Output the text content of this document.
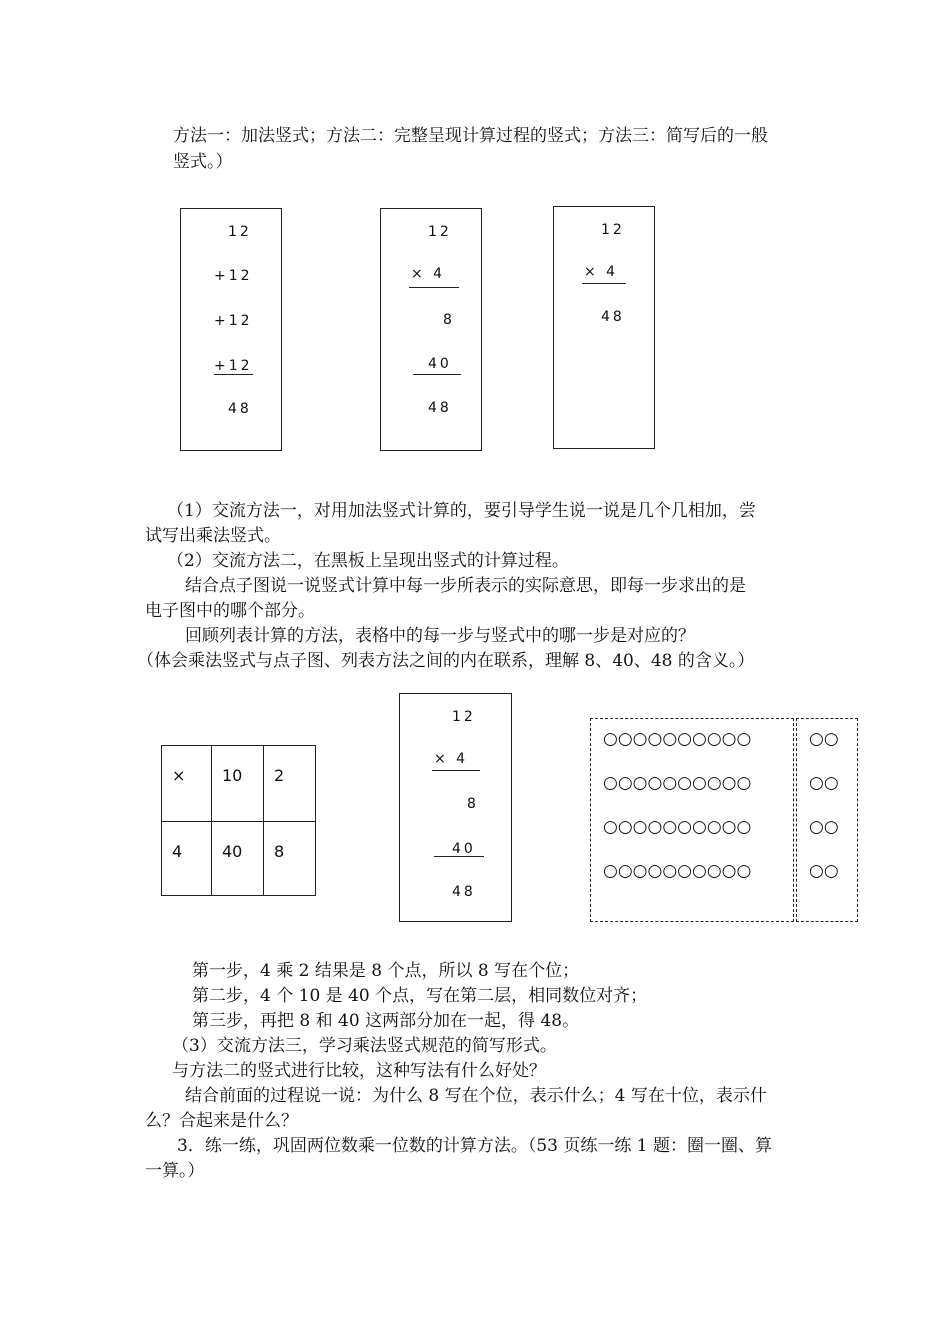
方法一：加法竖式；方法二：完整呈现计算过程的竖式；方法三：简写后的一般
竖式。）
12
+12
+12
+12
48
12
× 4
8
40
48
12
× 4
48
（1）交流方法一，对用加法竖式计算的，要引导学生说一说是几个几相加，尝
试写出乘法竖式。
（2）交流方法二，在黑板上呈现出竖式的计算过程。
结合点子图说一说竖式计算中每一步所表示的实际意思，即每一步求出的是
电子图中的哪个部分。
回顾列表计算的方法，表格中的每一步与竖式中的哪一步是对应的？
（体会乘法竖式与点子图、列表方法之间的内在联系，理解 8、40、48 的含义。）
×	10	2
4	40	8
12
× 4
8
40
48
○○○○○○○○○○
○○○○○○○○○○
○○○○○○○○○○
○○○○○○○○○○
○○
○○
○○
○○
第一步，4 乘 2 结果是 8 个点，所以 8 写在个位；
第二步，4 个 10 是 40 个点，写在第二层，相同数位对齐；
第三步，再把 8 和 40 这两部分加在一起，得 48。
（3）交流方法三，学习乘法竖式规范的简写形式。
与方法二的竖式进行比较，这种写法有什么好处？
结合前面的过程说一说：为什么 8 写在个位，表示什么；4 写在十位，表示什
么？合起来是什么？
3．练一练，巩固两位数乘一位数的计算方法。（53 页练一练 1 题：圈一圈、算
一算。）
